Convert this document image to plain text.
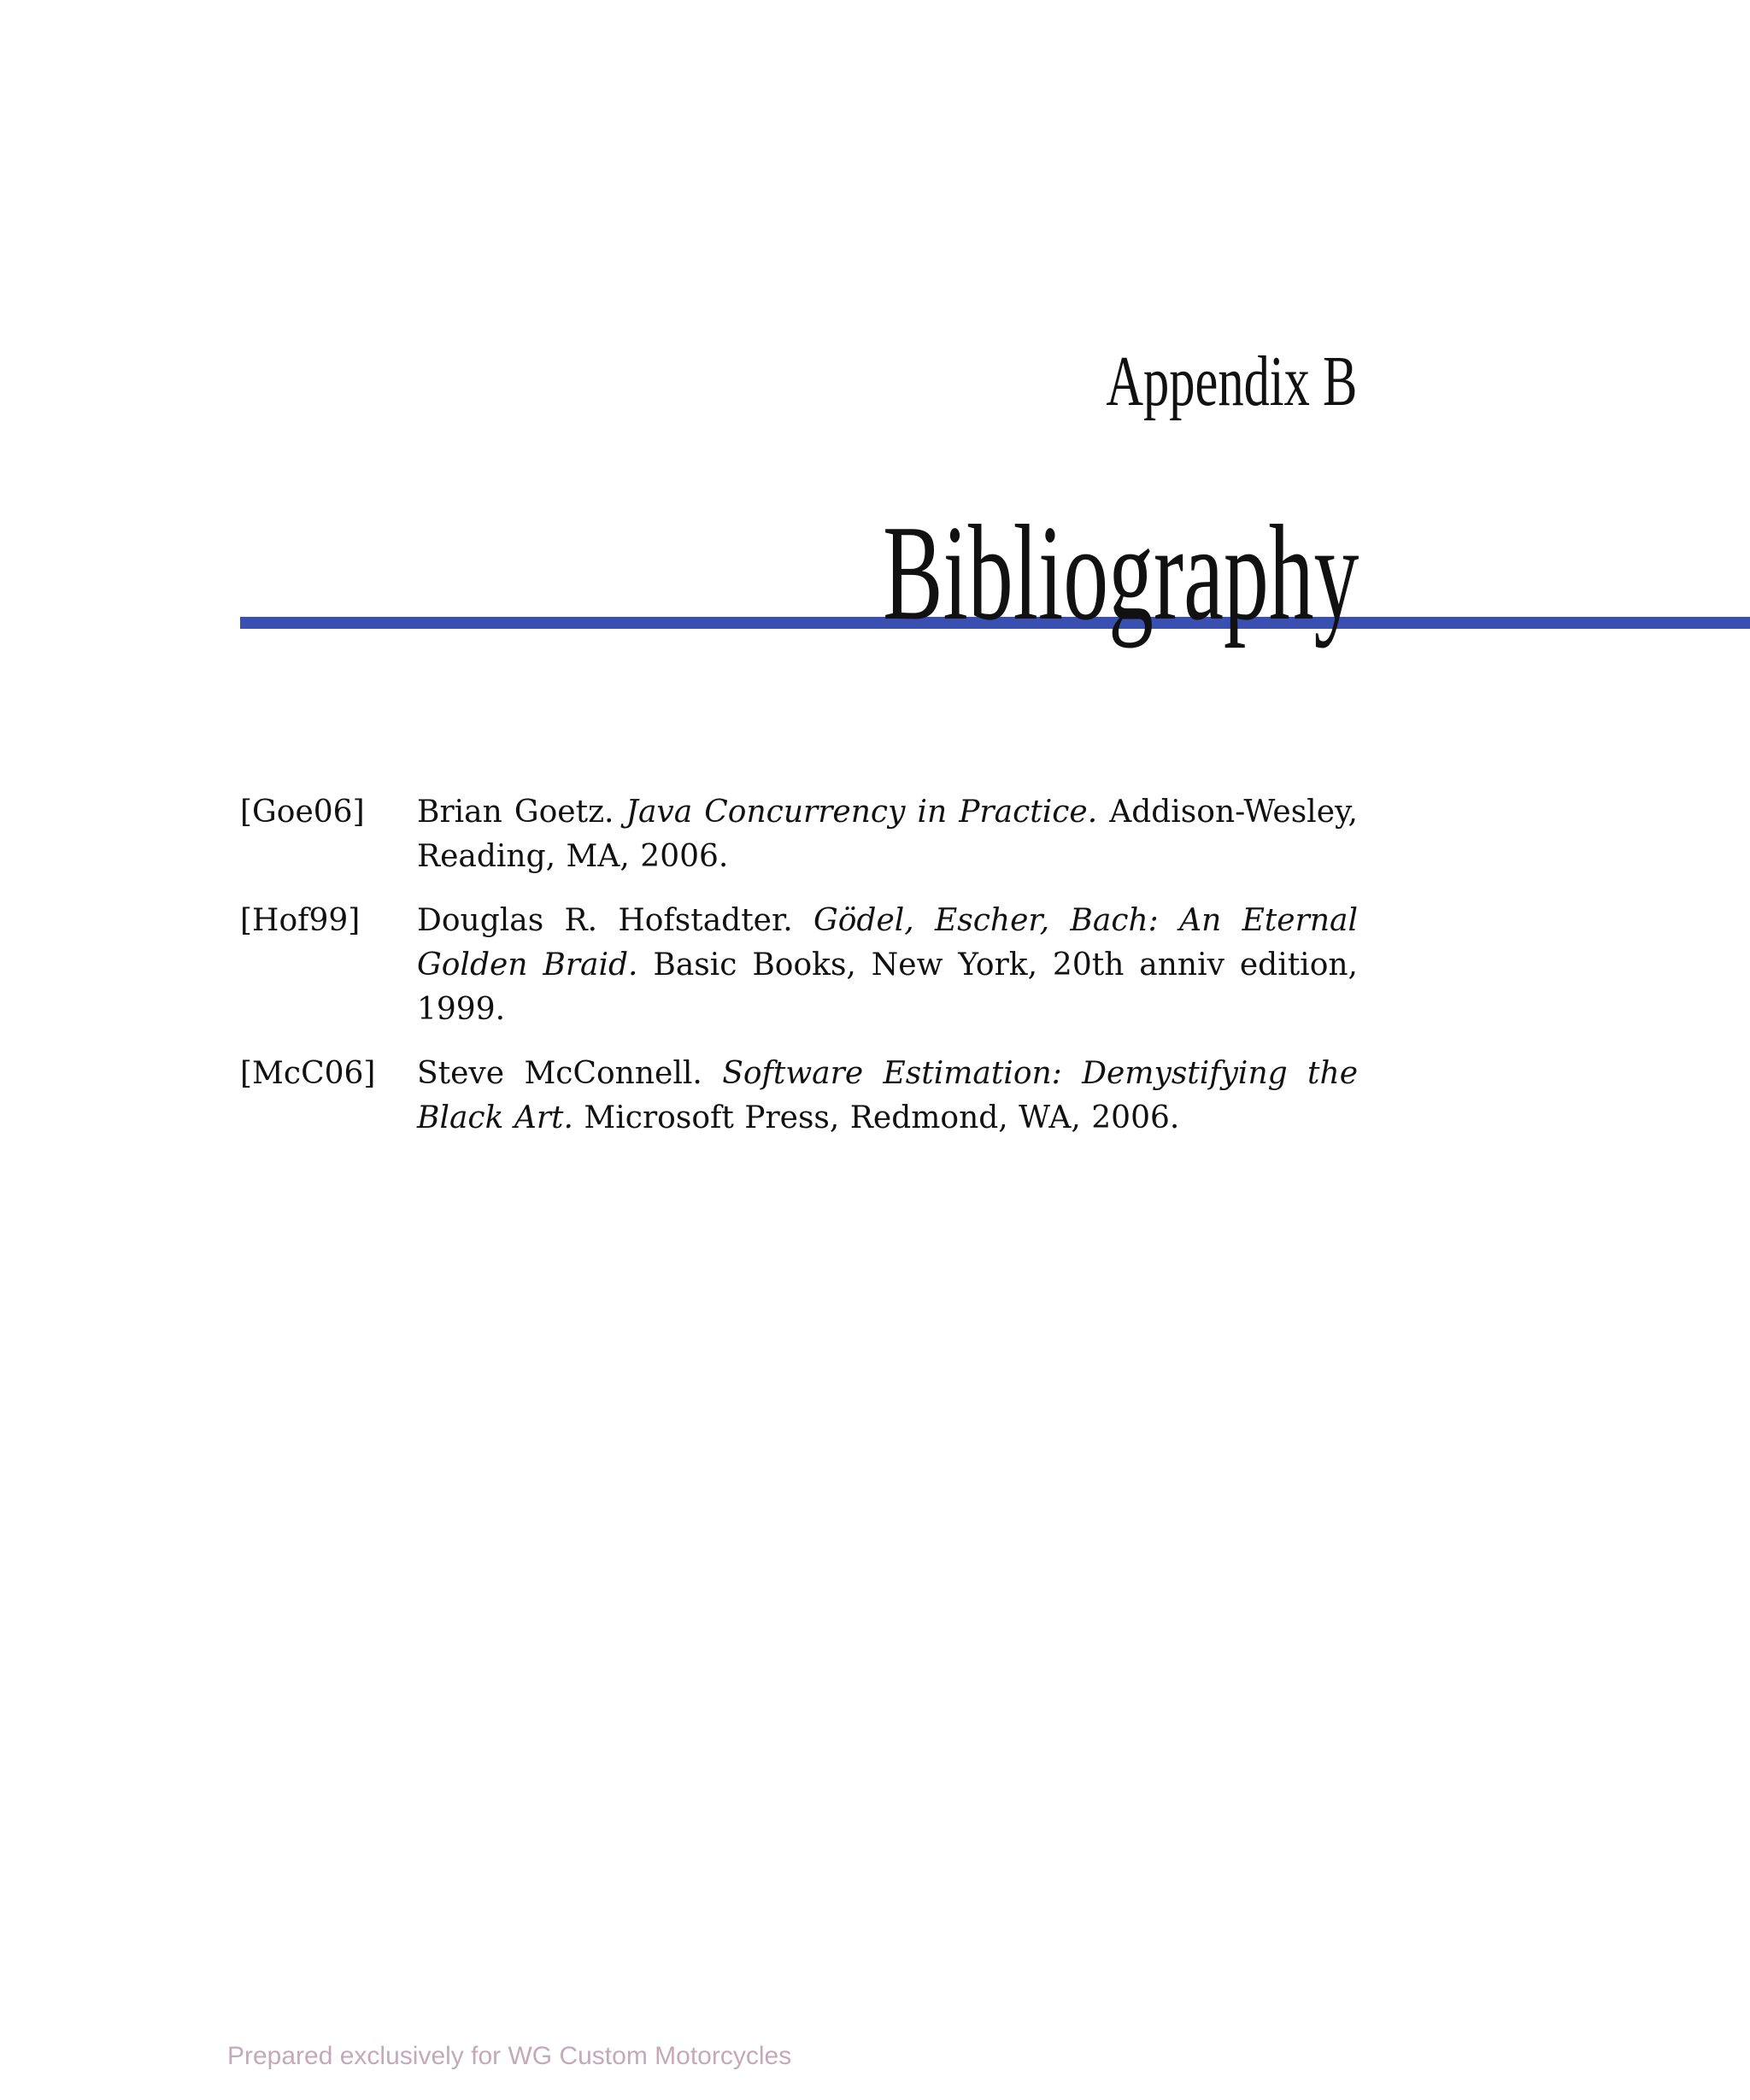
Appendix B
Bibliography
[Goe06] Brian Goetz. Java Concurrency in Practice. Addison-Wesley, Reading, MA, 2006.
[Hof99] Douglas R. Hofstadter. Gödel, Escher, Bach: An Eternal Golden Braid. Basic Books, New York, 20th anniv edition, 1999.
[McC06] Steve McConnell. Software Estimation: Demystifying the Black Art. Microsoft Press, Redmond, WA, 2006.
Prepared exclusively for WG Custom Motorcycles
